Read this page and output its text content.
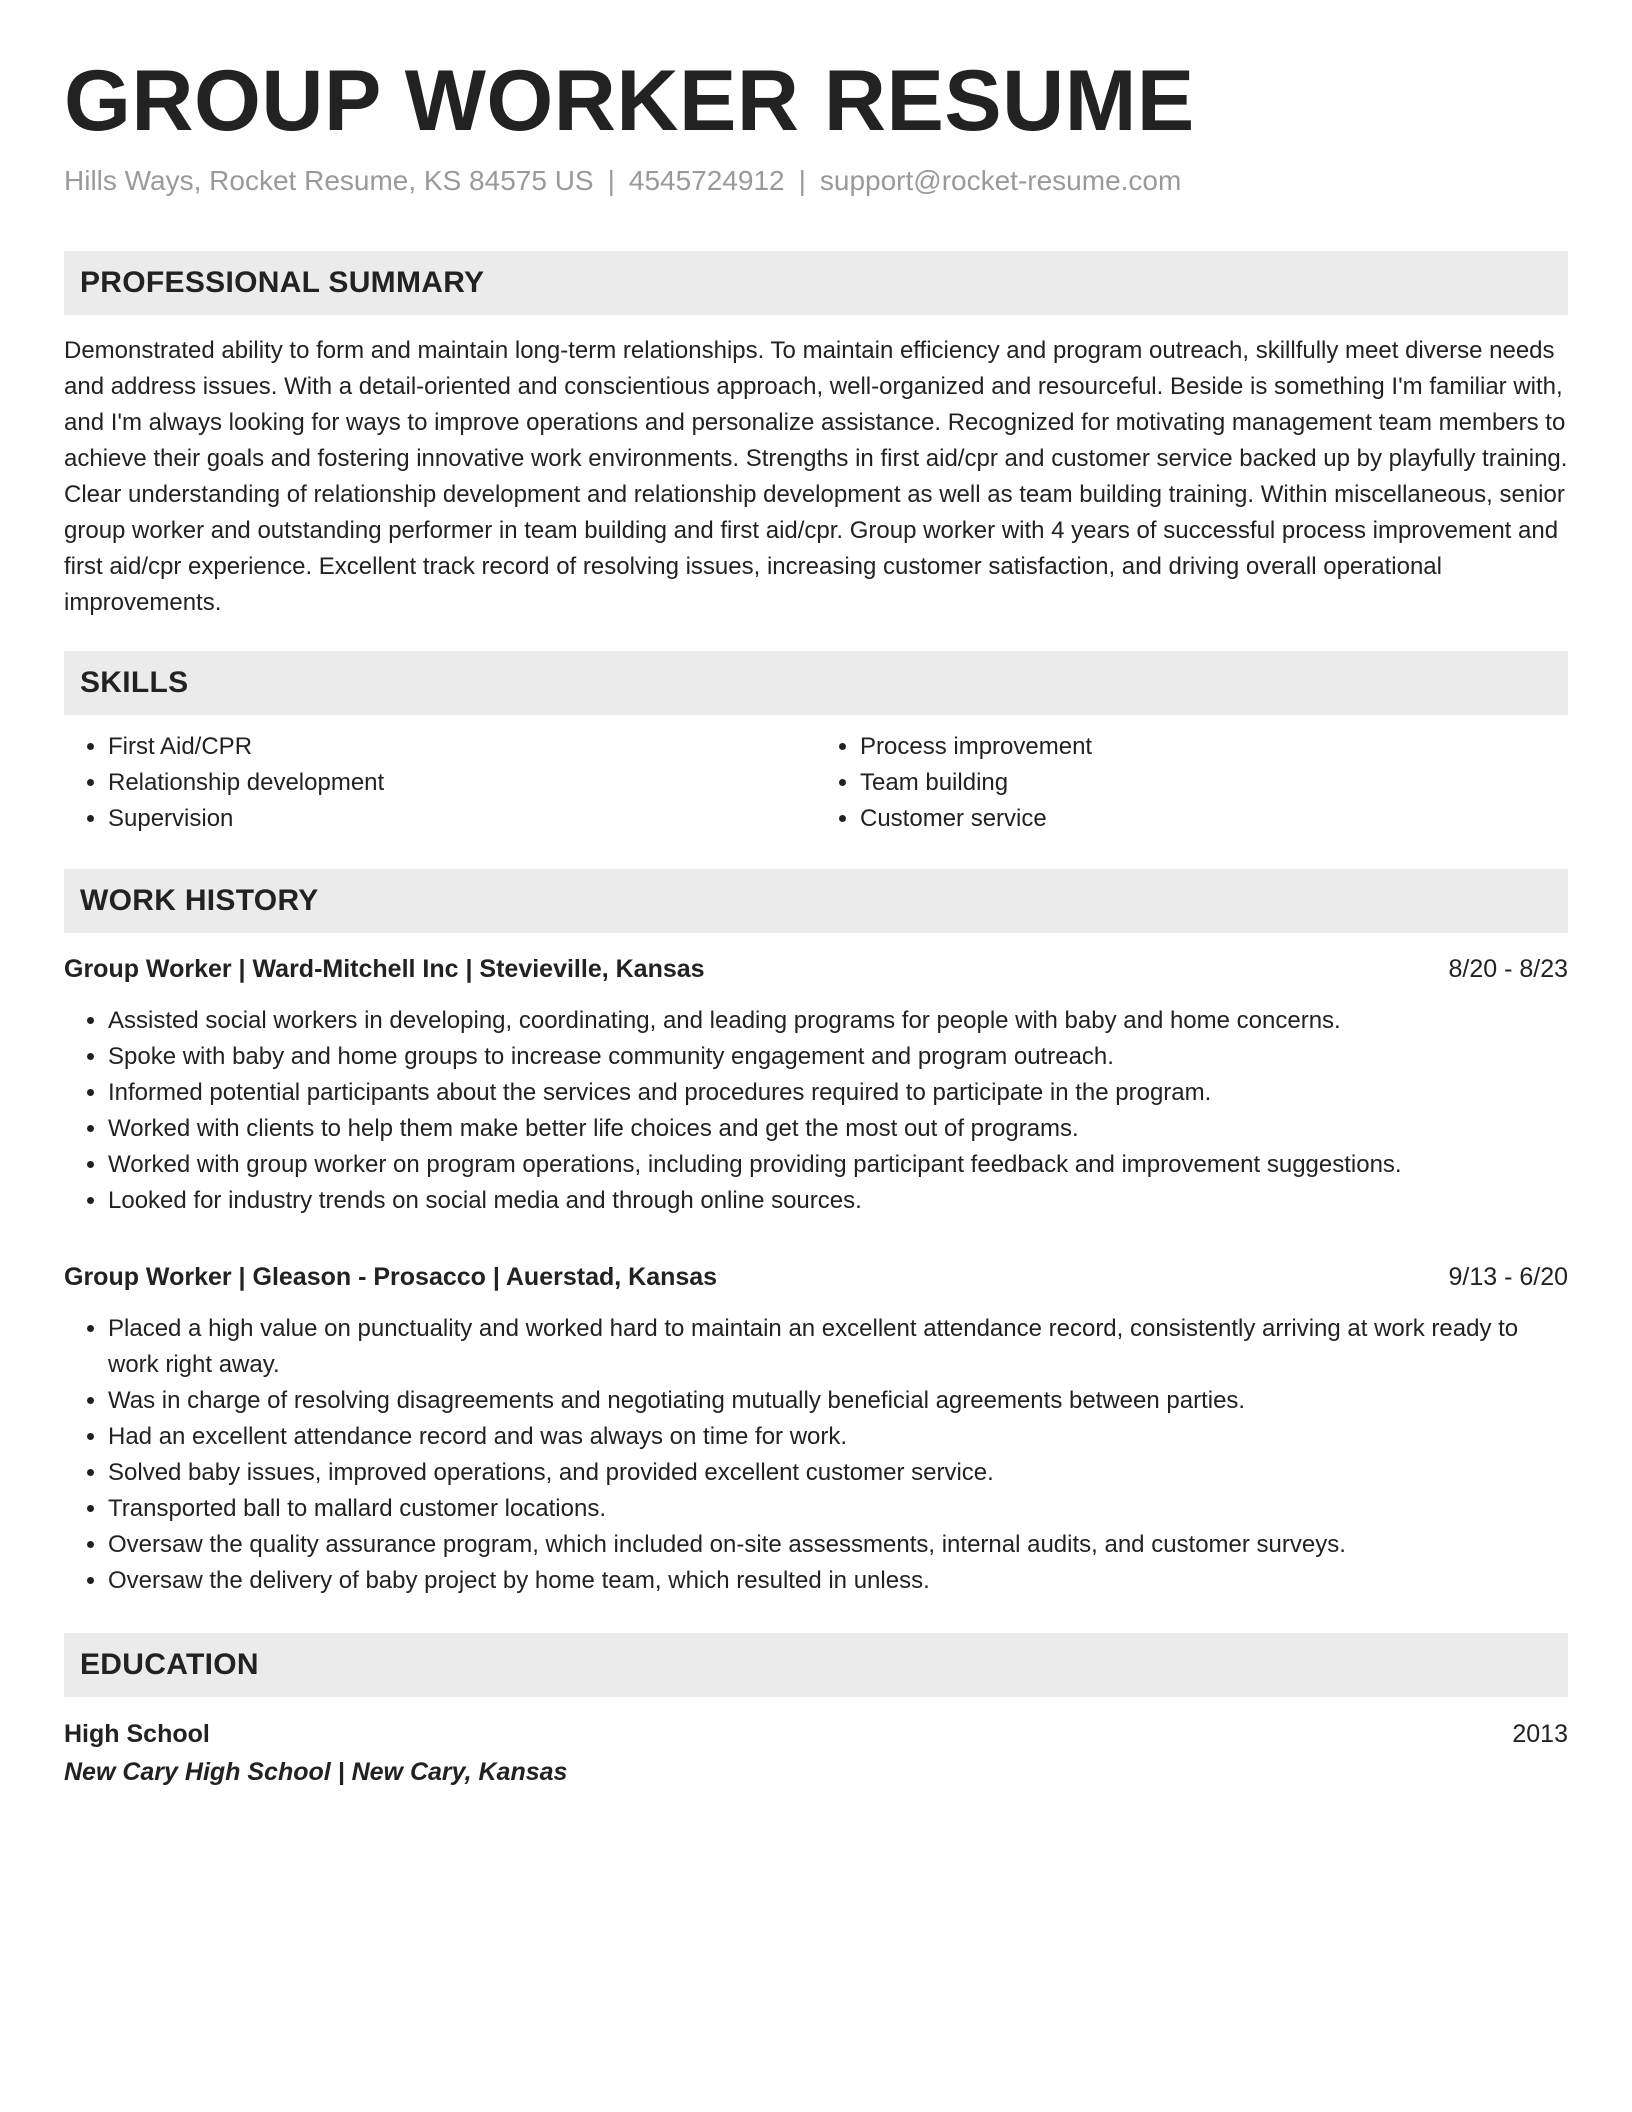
GROUP WORKER RESUME
Hills Ways, Rocket Resume, KS 84575 US | 4545724912 | support@rocket-resume.com
PROFESSIONAL SUMMARY

Demonstrated ability to form and maintain long-term relationships. To maintain efficiency and program outreach, skillfully meet diverse needs and address issues. With a detail-oriented and conscientious approach, well-organized and resourceful. Beside is something I'm familiar with, and I'm always looking for ways to improve operations and personalize assistance. Recognized for motivating management team members to achieve their goals and fostering innovative work environments. Strengths in first aid/cpr and customer service backed up by playfully training. Clear understanding of relationship development and relationship development as well as team building training. Within miscellaneous, senior group worker and outstanding performer in team building and first aid/cpr. Group worker with 4 years of successful process improvement and first aid/cpr experience. Excellent track record of resolving issues, increasing customer satisfaction, and driving overall operational improvements.

SKILLS
• First Aid/CPR
• Relationship development
• Supervision
• Process improvement
• Team building
• Customer service
WORK HISTORY
Group Worker | Ward-Mitchell Inc | Stevieville, Kansas	8/20 - 8/23
• Assisted social workers in developing, coordinating, and leading programs for people with baby and home concerns.
• Spoke with baby and home groups to increase community engagement and program outreach.
• Informed potential participants about the services and procedures required to participate in the program.
• Worked with clients to help them make better life choices and get the most out of programs.
• Worked with group worker on program operations, including providing participant feedback and improvement suggestions.
• Looked for industry trends on social media and through online sources.
Group Worker | Gleason - Prosacco | Auerstad, Kansas	9/13 - 6/20
• Placed a high value on punctuality and worked hard to maintain an excellent attendance record, consistently arriving at work ready to work right away.
• Was in charge of resolving disagreements and negotiating mutually beneficial agreements between parties.
• Had an excellent attendance record and was always on time for work.
• Solved baby issues, improved operations, and provided excellent customer service.
• Transported ball to mallard customer locations.
• Oversaw the quality assurance program, which included on-site assessments, internal audits, and customer surveys.
• Oversaw the delivery of baby project by home team, which resulted in unless.
EDUCATION
High School	2013
New Cary High School | New Cary, Kansas
